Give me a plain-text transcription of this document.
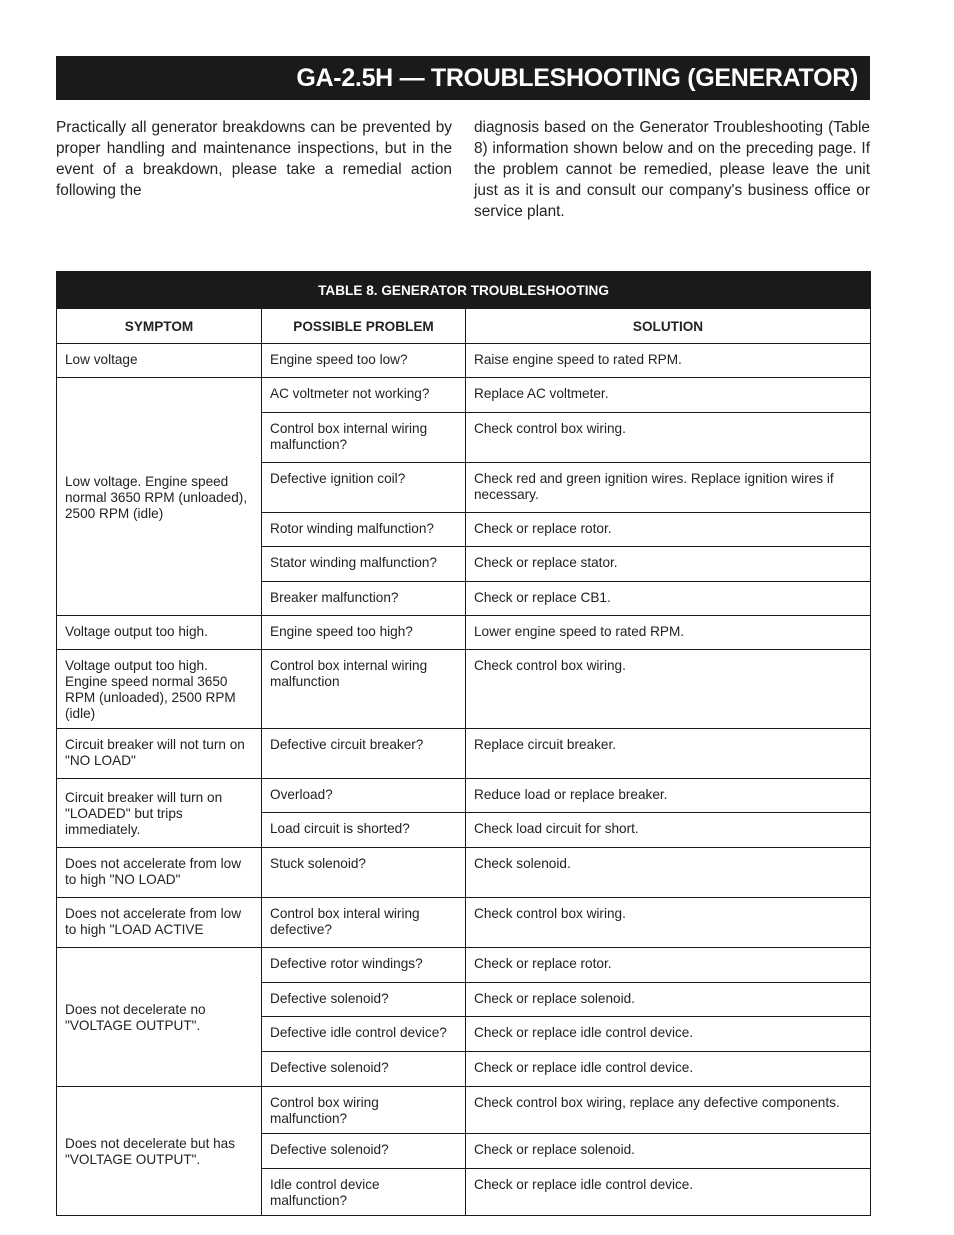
GA-2.5H — TROUBLESHOOTING (GENERATOR)

Practically all generator breakdowns can be prevented by proper handling and maintenance inspections, but in the event of a breakdown, please take a remedial action following the

diagnosis based on the Generator Troubleshooting (Table 8) information shown below and on the preceding page. If the problem cannot be remedied, please leave the unit just as it is and consult our company's business office or service plant.

TABLE 8. GENERATOR TROUBLESHOOTING		
SYMPTOM	POSSIBLE PROBLEM	SOLUTION
Low voltage	Engine speed too low?	Raise engine speed to rated RPM.
Low voltage. Engine speed normal 3650 RPM (unloaded), 2500 RPM (idle)	AC voltmeter not working?	Replace AC voltmeter.
	Control box internal wiring malfunction?	Check control box wiring.
	Defective ignition coil?	Check red and green ignition wires. Replace ignition wires if necessary.
	Rotor winding malfunction?	Check or replace rotor.
	Stator winding malfunction?	Check or replace stator.
	Breaker malfunction?	Check or replace CB1.
Voltage output too high.	Engine speed too high?	Lower engine speed to rated RPM.
Voltage output too high. Engine speed normal 3650 RPM (unloaded), 2500 RPM (idle)	Control box internal wiring malfunction	Check control box wiring.
Circuit breaker will not turn on "NO LOAD"	Defective circuit breaker?	Replace circuit breaker.
Circuit breaker will turn on "LOADED" but trips immediately.	Overload?	Reduce load or replace breaker.
	Load circuit is shorted?	Check load circuit for short.
Does not accelerate from low to high "NO LOAD"	Stuck solenoid?	Check solenoid.
Does not accelerate from low to high "LOAD ACTIVE	Control box interal wiring defective?	Check control box wiring.
Does not decelerate no "VOLTAGE OUTPUT".	Defective rotor windings?	Check or replace rotor.
	Defective solenoid?	Check or replace solenoid.
	Defective idle control device?	Check or replace idle control device.
	Defective solenoid?	Check or replace idle control device.
Does not decelerate but has "VOLTAGE OUTPUT".	Control box wiring malfunction?	Check control box wiring, replace any defective components.
	Defective solenoid?	Check or replace solenoid.
	Idle control device malfunction?	Check or replace idle control device.
